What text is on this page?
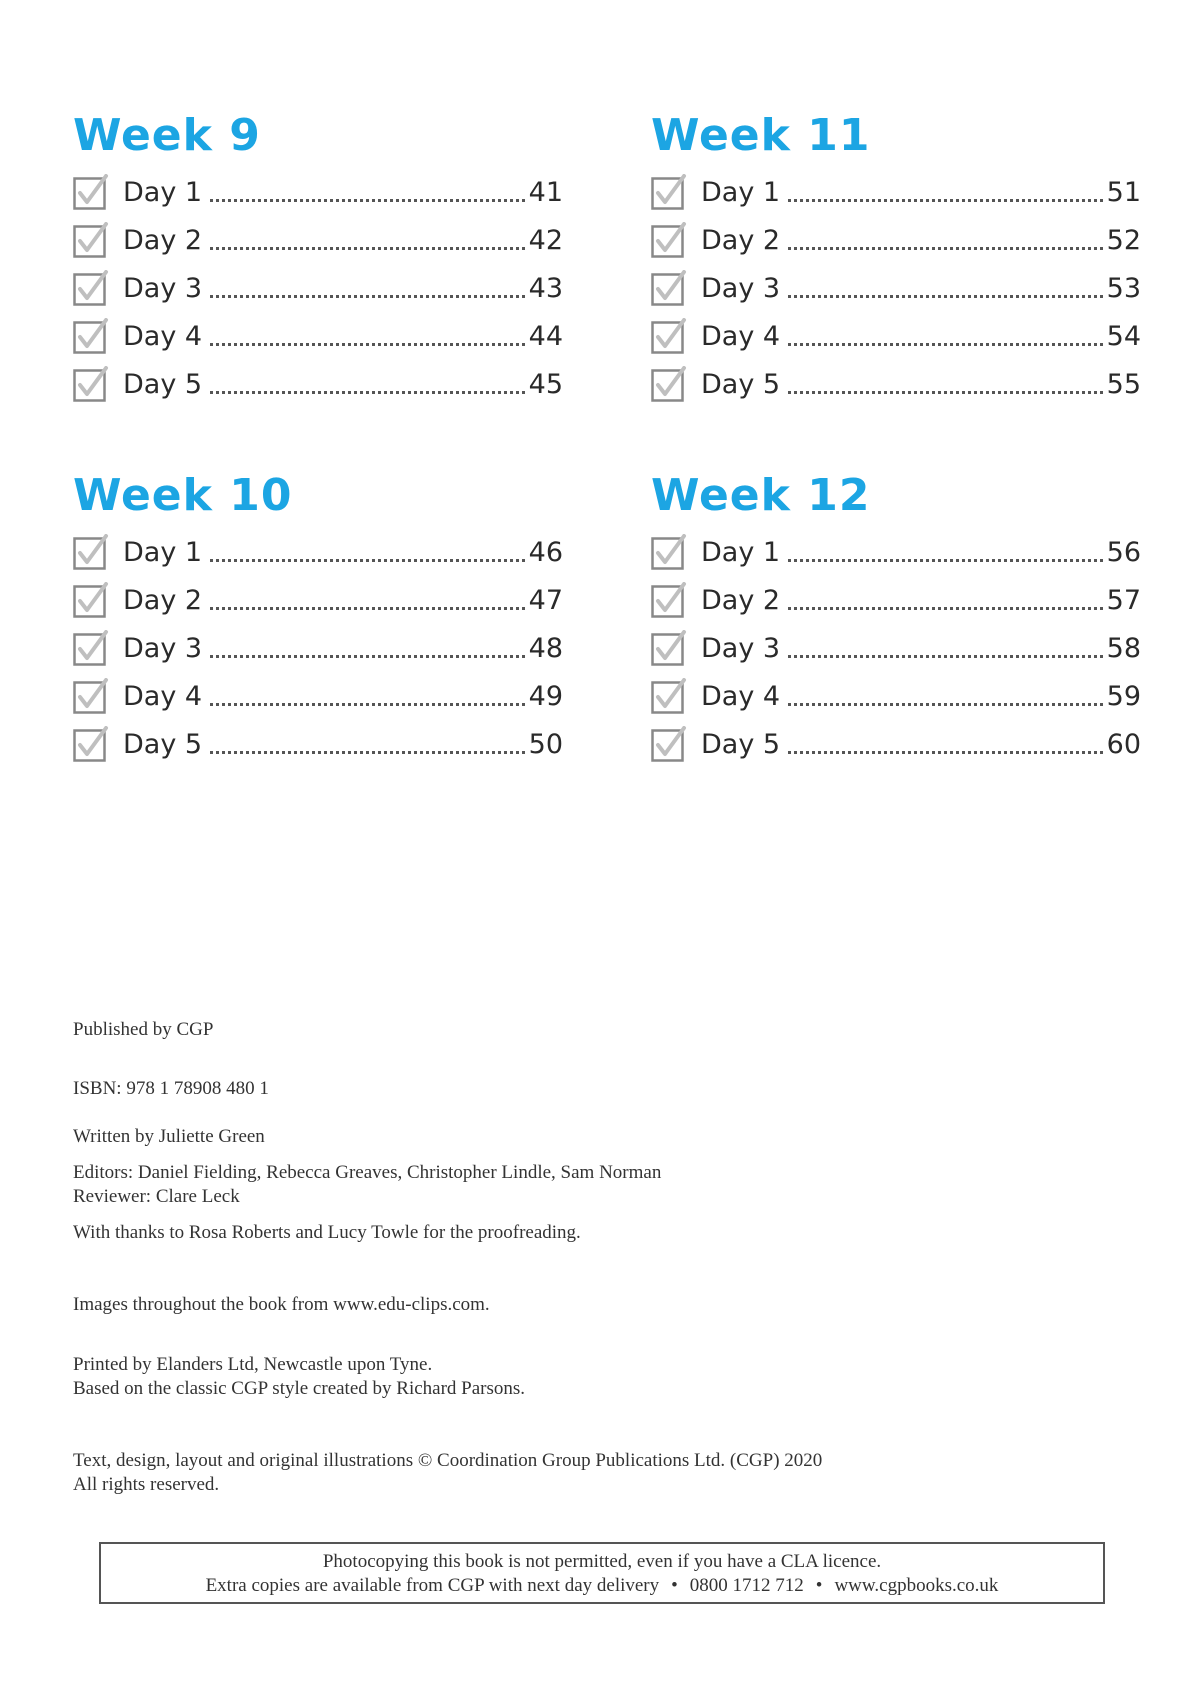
Week 9
Day 1	41
Day 2	42
Day 3	43
Day 4	44
Day 5	45
Week 11
Day 1	51
Day 2	52
Day 3	53
Day 4	54
Day 5	55
Week 10
Day 1	46
Day 2	47
Day 3	48
Day 4	49
Day 5	50
Week 12
Day 1	56
Day 2	57
Day 3	58
Day 4	59
Day 5	60

Published by CGP

ISBN: 978 1 78908 480 1

Written by Juliette Green

Editors: Daniel Fielding, Rebecca Greaves, Christopher Lindle, Sam Norman

Reviewer: Clare Leck

With thanks to Rosa Roberts and Lucy Towle for the proofreading.

Images throughout the book from www.edu-clips.com.

Printed by Elanders Ltd, Newcastle upon Tyne.

Based on the classic CGP style created by Richard Parsons.

Text, design, layout and original illustrations © Coordination Group Publications Ltd. (CGP) 2020

All rights reserved.

Photocopying this book is not permitted, even if you have a CLA licence.
Extra copies are available from CGP with next day delivery • 0800 1712 712 • www.cgpbooks.co.uk
